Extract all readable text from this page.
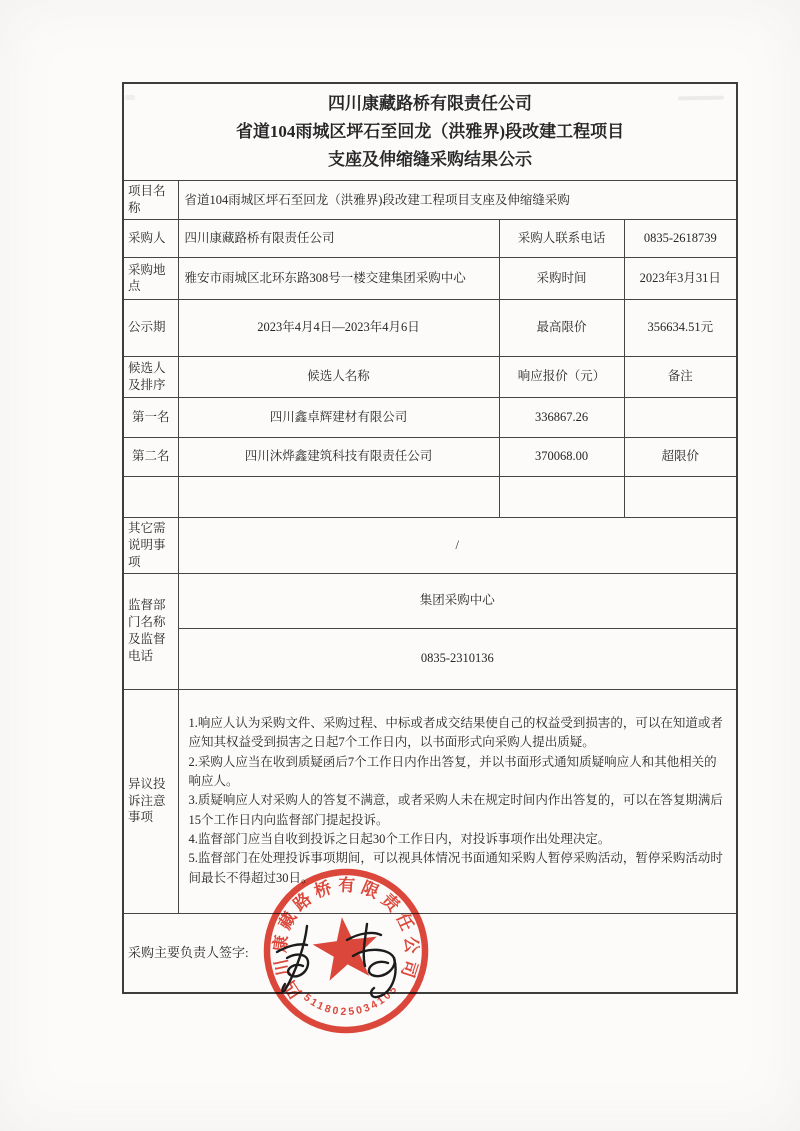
四川康藏路桥有限责任公司
省道104雨城区坪石至回龙（洪雅界)段改建工程项目
支座及伸缩缝采购结果公示			

项目名称	省道104雨城区坪石至回龙（洪雅界)段改建工程项目支座及伸缩缝采购		
采购人	四川康藏路桥有限责任公司	采购人联系电话	0835-2618739
采购地点	雅安市雨城区北环东路308号一楼交建集团采购中心	采购时间	2023年3月31日
公示期	2023年4月4日—2023年4月6日	最高限价	356634.51元
候选人及排序	候选人名称	响应报价（元）	备注
第一名	四川鑫卓辉建材有限公司	336867.26	
第二名	四川沐烨鑫建筑科技有限责任公司	370068.00	超限价

其它需说明事项	/		
监督部门名称及监督电话	集团采购中心		
	0835-2310136		
异议投诉注意事项	1.响应人认为采购文件、采购过程、中标或者成交结果使自己的权益受到损害的，可以在知道或者应知其权益受到损害之日起7个工作日内，以书面形式向采购人提出质疑。

2.采购人应当在收到质疑函后7个工作日内作出答复，并以书面形式通知质疑响应人和其他相关的响应人。

3.质疑响应人对采购人的答复不满意，或者采购人未在规定时间内作出答复的，可以在答复期满后15个工作日内向监督部门提起投诉。

4.监督部门应当自收到投诉之日起30个工作日内，对投诉事项作出处理决定。

5.监督部门在处理投诉事项期间，可以视具体情况书面通知采购人暂停采购活动，暂停采购活动时间最长不得超过30日。		

采购主要负责人签字:			
四川康藏路桥有限责任公司
5118025034105
